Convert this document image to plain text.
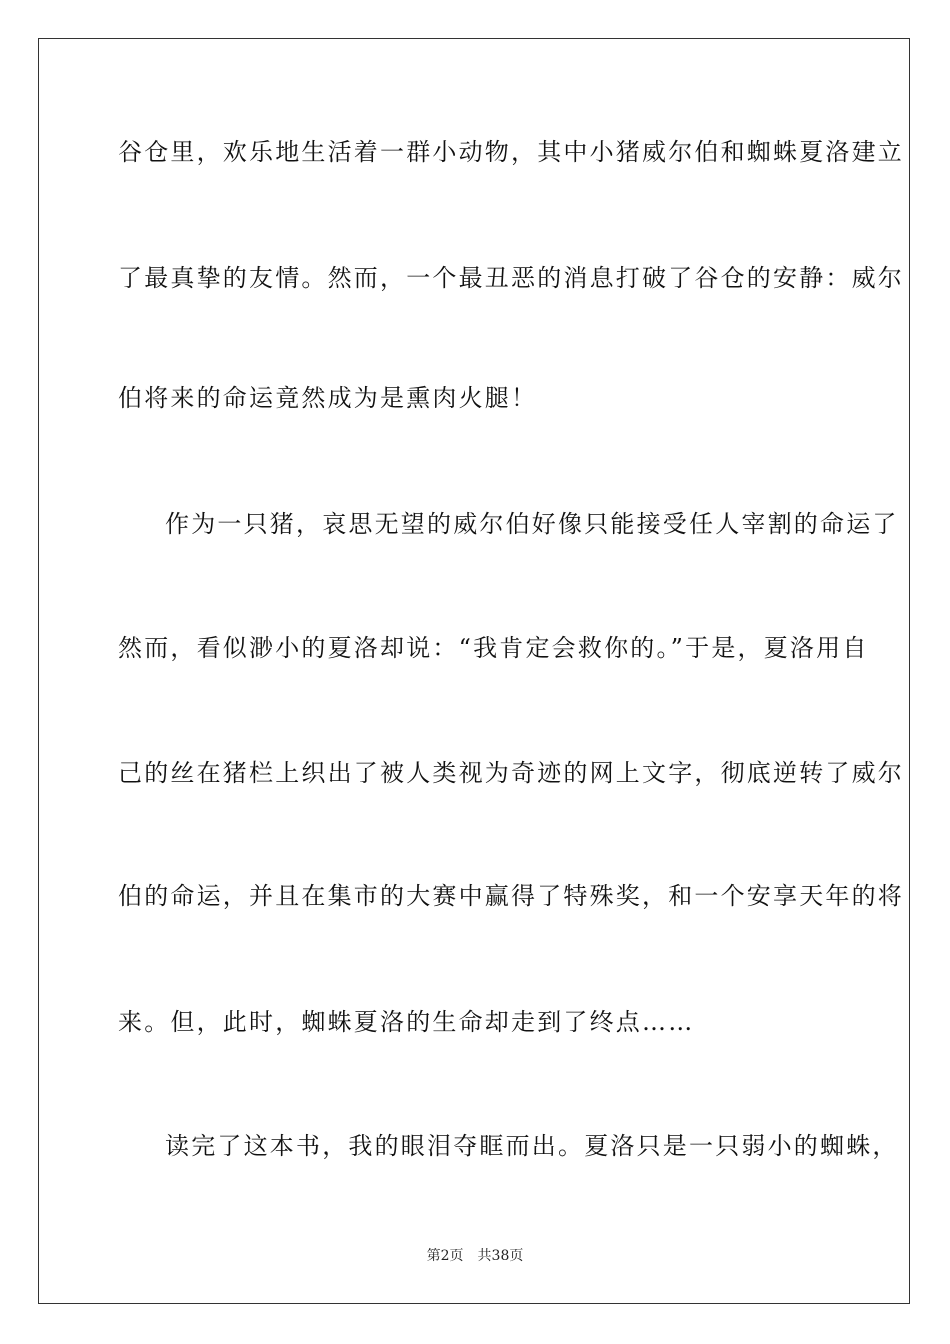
谷仓里，欢乐地生活着一群小动物，其中小猪威尔伯和蜘蛛夏洛建立
了最真挚的友情。然而，一个最丑恶的消息打破了谷仓的安静：威尔
伯将来的命运竟然成为是熏肉火腿！
作为一只猪，哀思无望的威尔伯好像只能接受任人宰割的命运了
然而，看似渺小的夏洛却说：“我肯定会救你的。”于是，夏洛用自
己的丝在猪栏上织出了被人类视为奇迹的网上文字，彻底逆转了威尔
伯的命运，并且在集市的大赛中赢得了特殊奖，和一个安享天年的将
来。但，此时，蜘蛛夏洛的生命却走到了终点……
读完了这本书，我的眼泪夺眶而出。夏洛只是一只弱小的蜘蛛，
第2页 共38页
